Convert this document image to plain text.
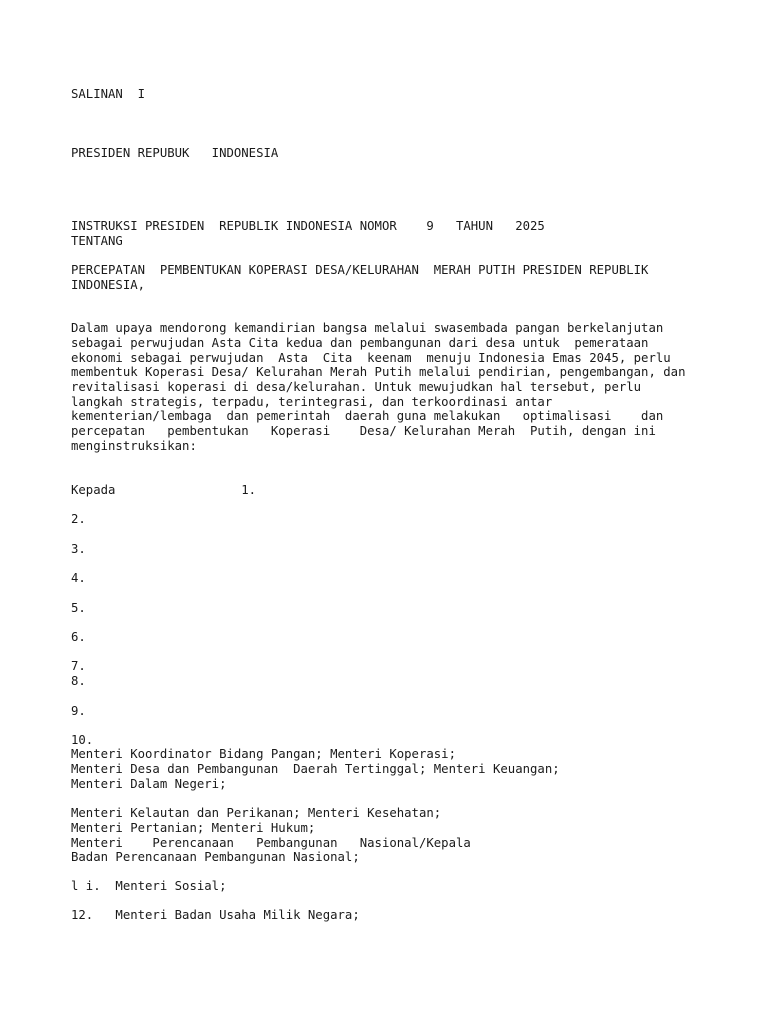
SALINAN  I

PRESIDEN REPUBUK   INDONESIA

INSTRUKSI PRESIDEN  REPUBLIK INDONESIA NOMOR    9   TAHUN   2025

TENTANG

PERCEPATAN  PEMBENTUKAN KOPERASI DESA/KELURAHAN  MERAH PUTIH PRESIDEN REPUBLIK

INDONESIA,

Dalam upaya mendorong kemandirian bangsa melalui swasembada pangan berkelanjutan

sebagai perwujudan Asta Cita kedua dan pembangunan dari desa untuk  pemerataan

ekonomi sebagai perwujudan  Asta  Cita  keenam  menuju Indonesia Emas 2045, perlu

membentuk Koperasi Desa/ Kelurahan Merah Putih melalui pendirian, pengembangan, dan

revitalisasi koperasi di desa/kelurahan. Untuk mewujudkan hal tersebut, perlu

langkah strategis, terpadu, terintegrasi, dan terkoordinasi antar

kementerian/lembaga  dan pemerintah  daerah guna melakukan   optimalisasi    dan

percepatan   pembentukan   Koperasi    Desa/ Kelurahan Merah  Putih, dengan ini

menginstruksikan:

Kepada                 1.

2.

3.

4.

5.

6.

7.

8.

9.

10.

Menteri Koordinator Bidang Pangan; Menteri Koperasi;

Menteri Desa dan Pembangunan  Daerah Tertinggal; Menteri Keuangan;

Menteri Dalam Negeri;

Menteri Kelautan dan Perikanan; Menteri Kesehatan;

Menteri Pertanian; Menteri Hukum;

Menteri    Perencanaan   Pembangunan   Nasional/Kepala

Badan Perencanaan Pembangunan Nasional;

l i.  Menteri Sosial;

12.   Menteri Badan Usaha Milik Negara;
